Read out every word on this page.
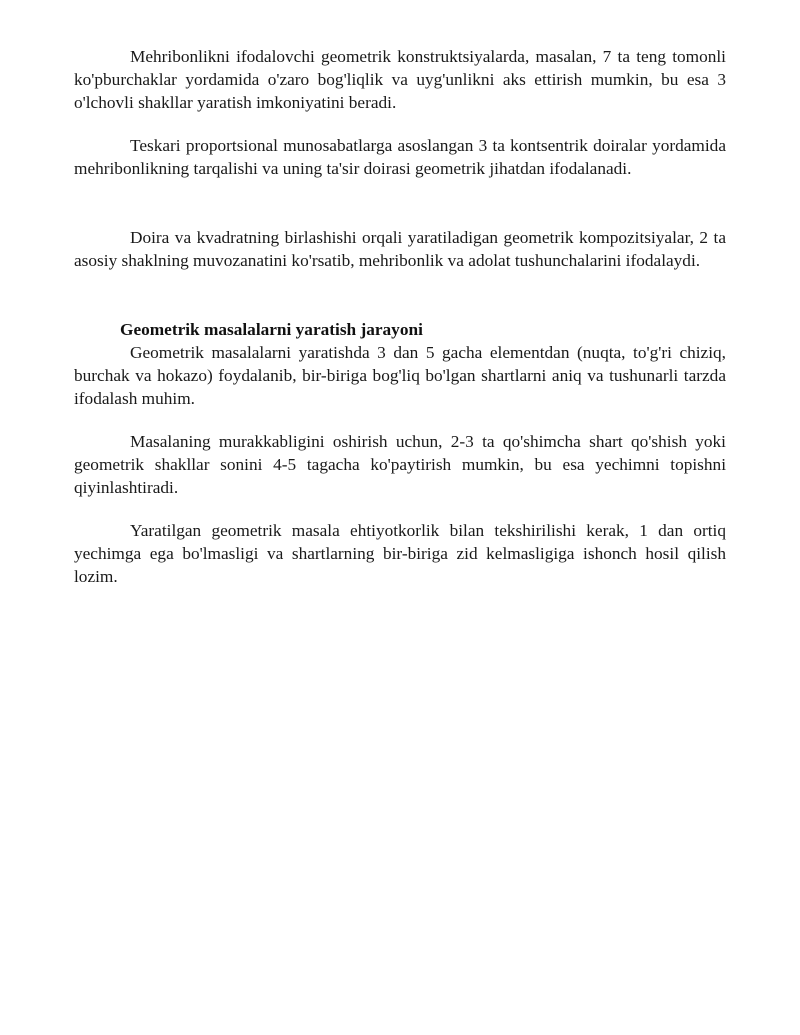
Mehribonlikni ifodalovchi geometrik konstruktsiyalarda, masalan, 7 ta teng tomonli ko'pburchaklar yordamida o'zaro bog'liqlik va uyg'unlikni aks ettirish mumkin, bu esa 3 o'lchovli shakllar yaratish imkoniyatini beradi.

Teskari proportsional munosabatlarga asoslangan 3 ta kontsentrik doiralar yordamida mehribonlikning tarqalishi va uning ta'sir doirasi geometrik jihatdan ifodalanadi.

Doira va kvadratning birlashishi orqali yaratiladigan geometrik kompozitsiyalar, 2 ta asosiy shaklning muvozanatini ko'rsatib, mehribonlik va adolat tushunchalarini ifodalaydi.

Geometrik masalalarni yaratish jarayoni

Geometrik masalalarni yaratishda 3 dan 5 gacha elementdan (nuqta, to'g'ri chiziq, burchak va hokazo) foydalanib, bir-biriga bog'liq bo'lgan shartlarni aniq va tushunarli tarzda ifodalash muhim.

Masalaning murakkabligini oshirish uchun, 2-3 ta qo'shimcha shart qo'shish yoki geometrik shakllar sonini 4-5 tagacha ko'paytirish mumkin, bu esa yechimni topishni qiyinlashtiradi.

Yaratilgan geometrik masala ehtiyotkorlik bilan tekshirilishi kerak, 1 dan ortiq yechimga ega bo'lmasligi va shartlarning bir-biriga zid kelmasligiga ishonch hosil qilish lozim.
